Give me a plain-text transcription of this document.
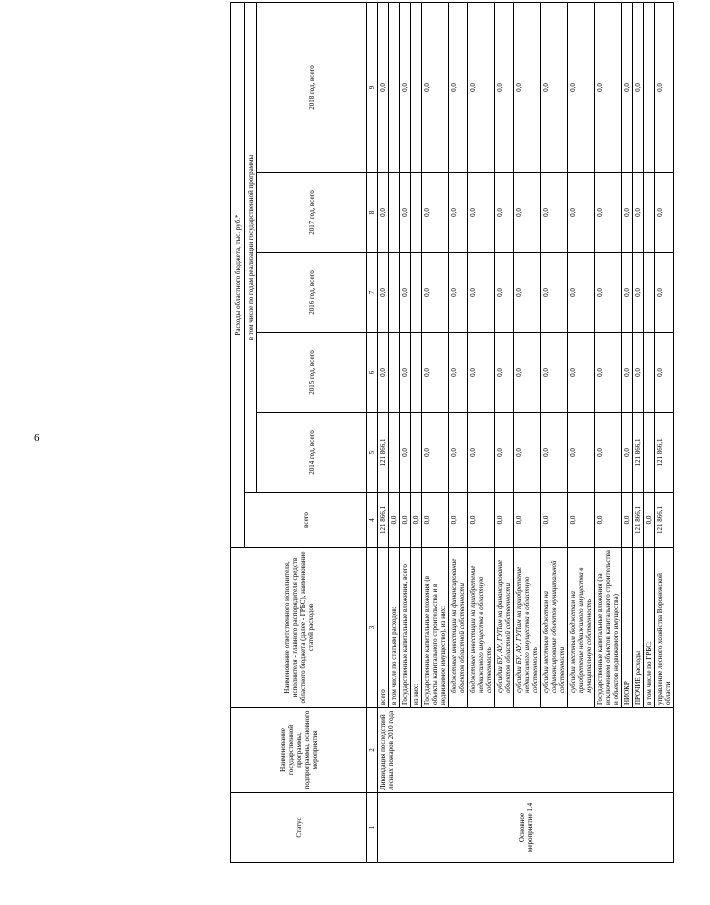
6
Статус	Наименование государственной программы, подпрограммы, основного мероприятия	Наименование ответственного исполнителя, исполнителя - главного распорядителя средств областного бюджета (далее - ГРБС), наименование статей расходов	Расходы областного бюджета, тыс. руб.*					
			всего	в том числе по годам реализации государственной программы				
				2014 год, всего	2015 год, всего	2016 год, всего	2017 год, всего	2018 год, всего
1	2	3	4	5	6	7	8	9
Основное мероприятие 1.4	Ликвидация последствий лесных пожаров 2010 года	всего	121 866,1	121 866,1	0,0	0,0	0,0	0,0
		в том числе по статьям расходов:	0,0					
		Государственные капитальные вложения, всего	0,0	0,0	0,0	0,0	0,0	0,0
		из них:	0,0					
		Государственные капитальные вложения (в объекты капитального строительства и в недвижимое имущество), из них:	0,0	0,0	0,0	0,0	0,0	0,0
		бюджетные инвестиции на финансирование объектов областной собственности	0,0	0,0	0,0	0,0	0,0	0,0
		бюджетные инвестиции на приобретение недвижимого имущества в областную собственность	0,0	0,0	0,0	0,0	0,0	0,0
		субсидии БУ, АУ, ГУПам на финансирование объектов областной собственности	0,0	0,0	0,0	0,0	0,0	0,0
		субсидии БУ, АУ, ГУПам на приобретение недвижимого имущества в областную собственность	0,0	0,0	0,0	0,0	0,0	0,0
		субсидии местным бюджетам на софинансирование объектов муниципальной собственности	0,0	0,0	0,0	0,0	0,0	0,0
		субсидии местным бюджетам на приобретение недвижимого имущества в муниципальную собственность	0,0	0,0	0,0	0,0	0,0	0,0
		Государственные капитальные вложения (за исключением объектов капитального строительства и объектов недвижимого имущества)	0,0	0,0	0,0	0,0	0,0	0,0
		НИОКР	0,0	0,0	0,0	0,0	0,0	0,0
		ПРОЧИЕ расходы	121 866,1	121 866,1	0,0	0,0	0,0	0,0
		в том числе по ГРБС:	0,0					
		управление лесного хозяйства Воронежской области	121 866,1	121 866,1	0,0	0,0	0,0	0,0
